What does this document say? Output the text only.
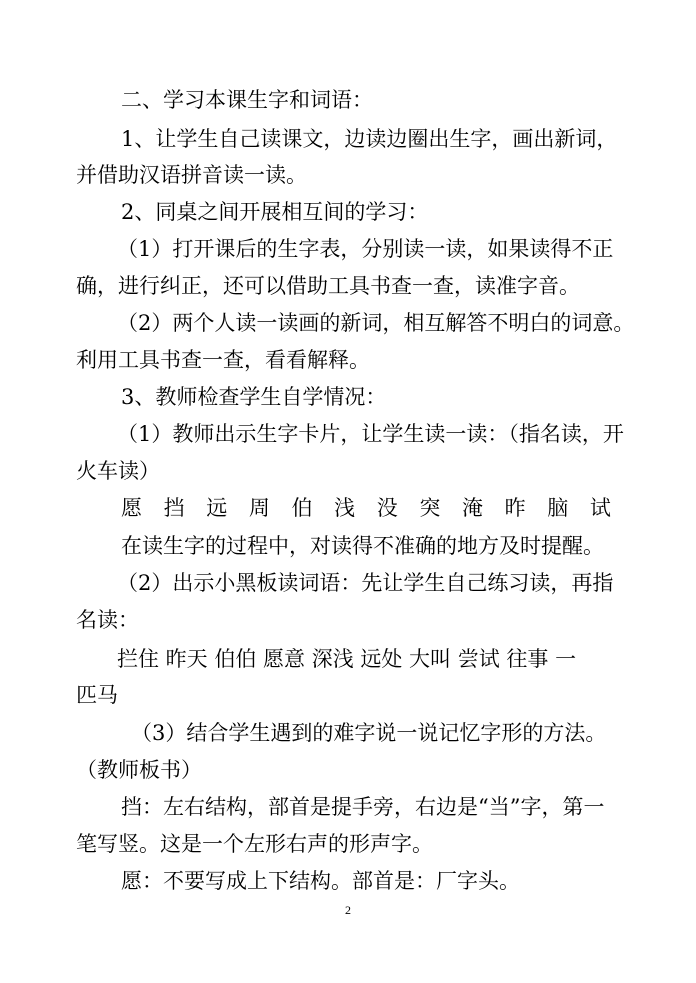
二、学习本课生字和词语：
1、让学生自己读课文，边读边圈出生字，画出新词，
并借助汉语拼音读一读。
2、同桌之间开展相互间的学习：
（1）打开课后的生字表，分别读一读，如果读得不正
确，进行纠正，还可以借助工具书查一查，读准字音。
（2）两个人读一读画的新词，相互解答不明白的词意。
利用工具书查一查，看看解释。
3、教师检查学生自学情况：
（1）教师出示生字卡片，让学生读一读：（指名读，开
火车读）
愿 挡 远 周 伯 浅 没 突 淹 昨 脑 试
在读生字的过程中，对读得不准确的地方及时提醒。
（2）出示小黑板读词语：先让学生自己练习读，再指
名读：
拦住 昨天 伯伯 愿意 深浅 远处 大叫 尝试 往事 一
匹马
（3）结合学生遇到的难字说一说记忆字形的方法。
（教师板书）
挡：左右结构，部首是提手旁，右边是“当”字，第一
笔写竖。这是一个左形右声的形声字。
愿：不要写成上下结构。部首是：厂字头。
2
